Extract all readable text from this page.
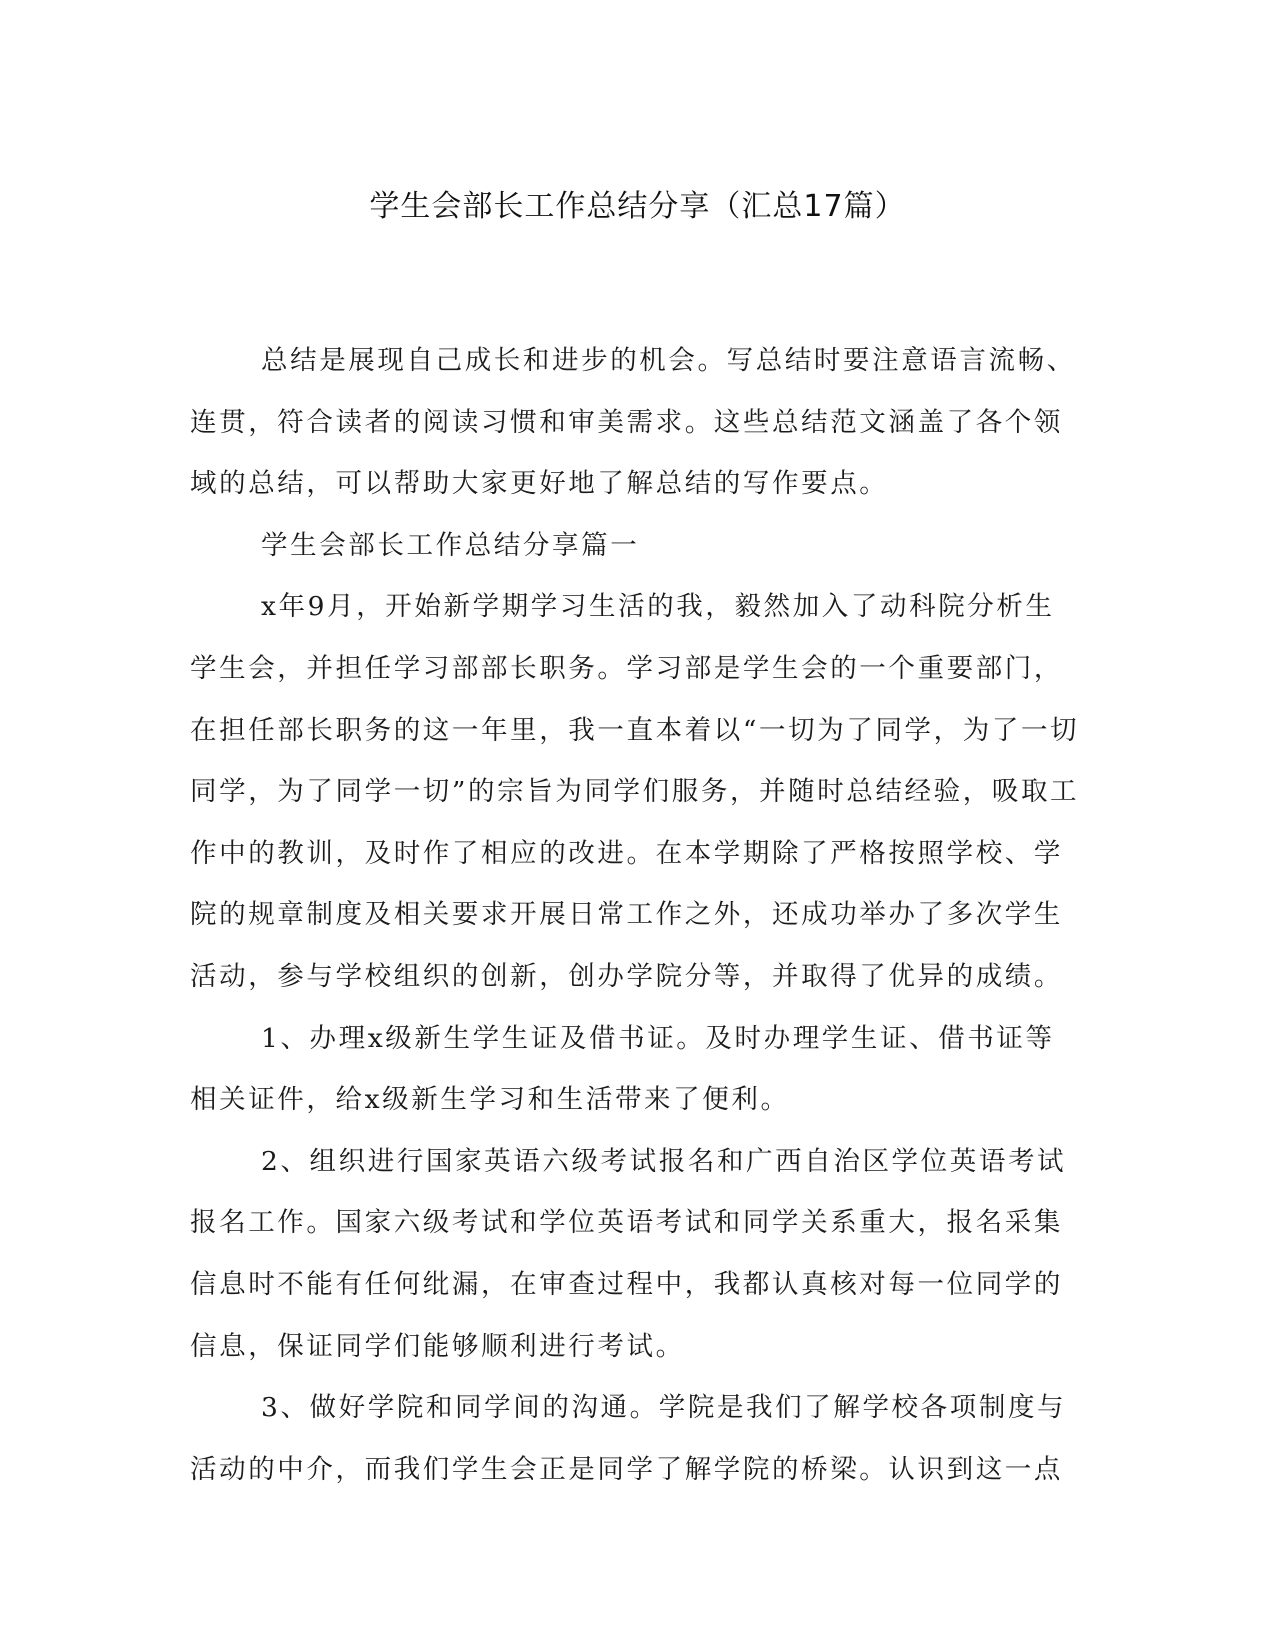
学生会部长工作总结分享（汇总17篇）
总结是展现自己成长和进步的机会。写总结时要注意语言流畅、
连贯，符合读者的阅读习惯和审美需求。这些总结范文涵盖了各个领
域的总结，可以帮助大家更好地了解总结的写作要点。
学生会部长工作总结分享篇一
x年9月，开始新学期学习生活的我，毅然加入了动科院分析生
学生会，并担任学习部部长职务。学习部是学生会的一个重要部门，
在担任部长职务的这一年里，我一直本着以“一切为了同学，为了一切
同学，为了同学一切”的宗旨为同学们服务，并随时总结经验，吸取工
作中的教训，及时作了相应的改进。在本学期除了严格按照学校、学
院的规章制度及相关要求开展日常工作之外，还成功举办了多次学生
活动，参与学校组织的创新，创办学院分等，并取得了优异的成绩。
1、办理x级新生学生证及借书证。及时办理学生证、借书证等
相关证件，给x级新生学习和生活带来了便利。
2、组织进行国家英语六级考试报名和广西自治区学位英语考试
报名工作。国家六级考试和学位英语考试和同学关系重大，报名采集
信息时不能有任何纰漏，在审查过程中，我都认真核对每一位同学的
信息，保证同学们能够顺利进行考试。
3、做好学院和同学间的沟通。学院是我们了解学校各项制度与
活动的中介，而我们学生会正是同学了解学院的桥梁。认识到这一点
